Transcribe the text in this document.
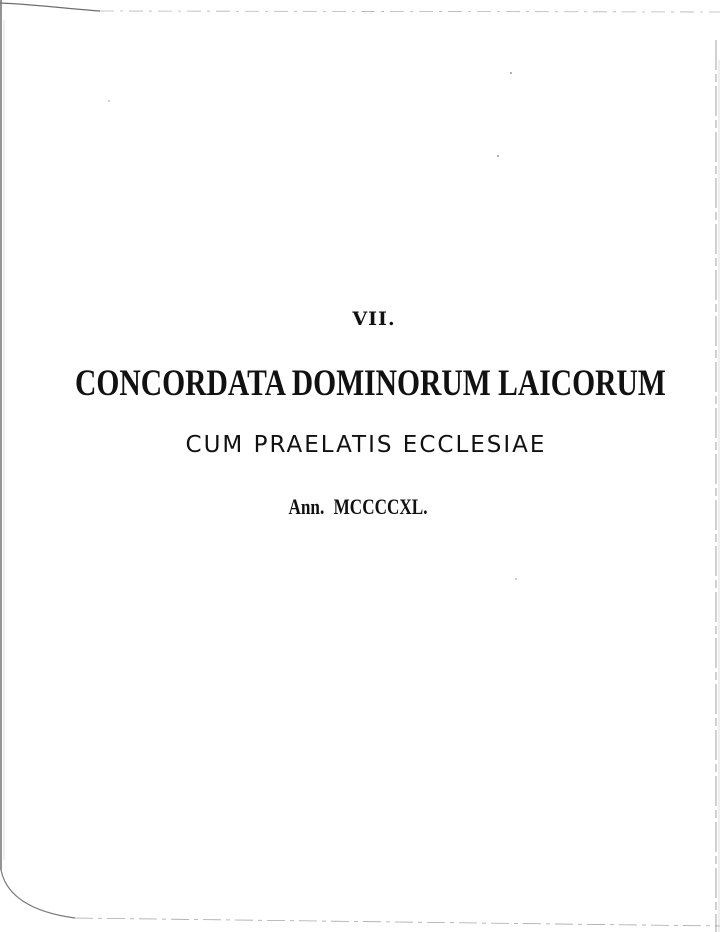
VII.
CONCORDATA DOMINORUM LAICORUM
CUM PRAELATIS ECCLESIAE
Ann. MCCCCXL.
